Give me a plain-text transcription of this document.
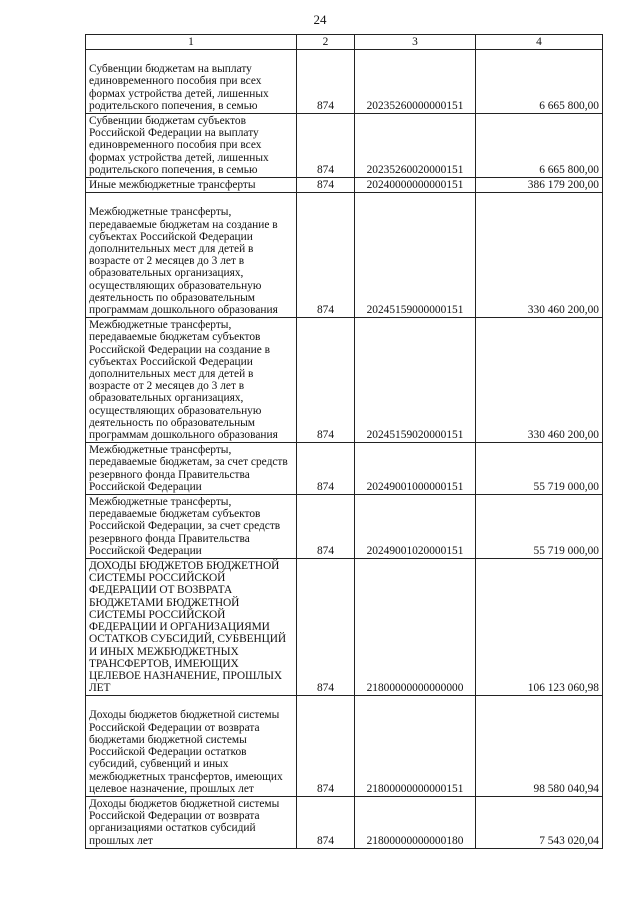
24
1	2	3	4
Субвенции бюджетам на выплату единовременного пособия при всех формах устройства детей, лишенных родительского попечения, в семью	874	20235260000000151	6 665 800,00
Субвенции бюджетам субъектов Российской Федерации на выплату единовременного пособия при всех формах устройства детей, лишенных родительского попечения, в семью	874	20235260020000151	6 665 800,00
Иные межбюджетные трансферты	874	20240000000000151	386 179 200,00
Межбюджетные трансферты, передаваемые бюджетам на создание в субъектах Российской Федерации дополнительных мест для детей в возрасте от 2 месяцев до 3 лет в образовательных организациях, осуществляющих образовательную деятельность по образовательным программам дошкольного образования	874	20245159000000151	330 460 200,00
Межбюджетные трансферты, передаваемые бюджетам субъектов Российской Федерации на создание в субъектах Российской Федерации дополнительных мест для детей в возрасте от 2 месяцев до 3 лет в образовательных организациях, осуществляющих образовательную деятельность по образовательным программам дошкольного образования	874	20245159020000151	330 460 200,00
Межбюджетные трансферты, передаваемые бюджетам, за счет средств резервного фонда Правительства Российской Федерации	874	20249001000000151	55 719 000,00
Межбюджетные трансферты, передаваемые бюджетам субъектов Российской Федерации, за счет средств резервного фонда Правительства Российской Федерации	874	20249001020000151	55 719 000,00
ДОХОДЫ БЮДЖЕТОВ БЮДЖЕТНОЙ СИСТЕМЫ РОССИЙСКОЙ ФЕДЕРАЦИИ ОТ ВОЗВРАТА БЮДЖЕТАМИ БЮДЖЕТНОЙ СИСТЕМЫ РОССИЙСКОЙ ФЕДЕРАЦИИ И ОРГАНИЗАЦИЯМИ ОСТАТКОВ СУБСИДИЙ, СУБВЕНЦИЙ И ИНЫХ МЕЖБЮДЖЕТНЫХ ТРАНСФЕРТОВ, ИМЕЮЩИХ ЦЕЛЕВОЕ НАЗНАЧЕНИЕ, ПРОШЛЫХ ЛЕТ	874	21800000000000000	106 123 060,98
Доходы бюджетов бюджетной системы Российской Федерации от возврата бюджетами бюджетной системы Российской Федерации остатков субсидий, субвенций и иных межбюджетных трансфертов, имеющих целевое назначение, прошлых лет	874	21800000000000151	98 580 040,94
Доходы бюджетов бюджетной системы Российской Федерации от возврата организациями остатков субсидий прошлых лет	874	21800000000000180	7 543 020,04
